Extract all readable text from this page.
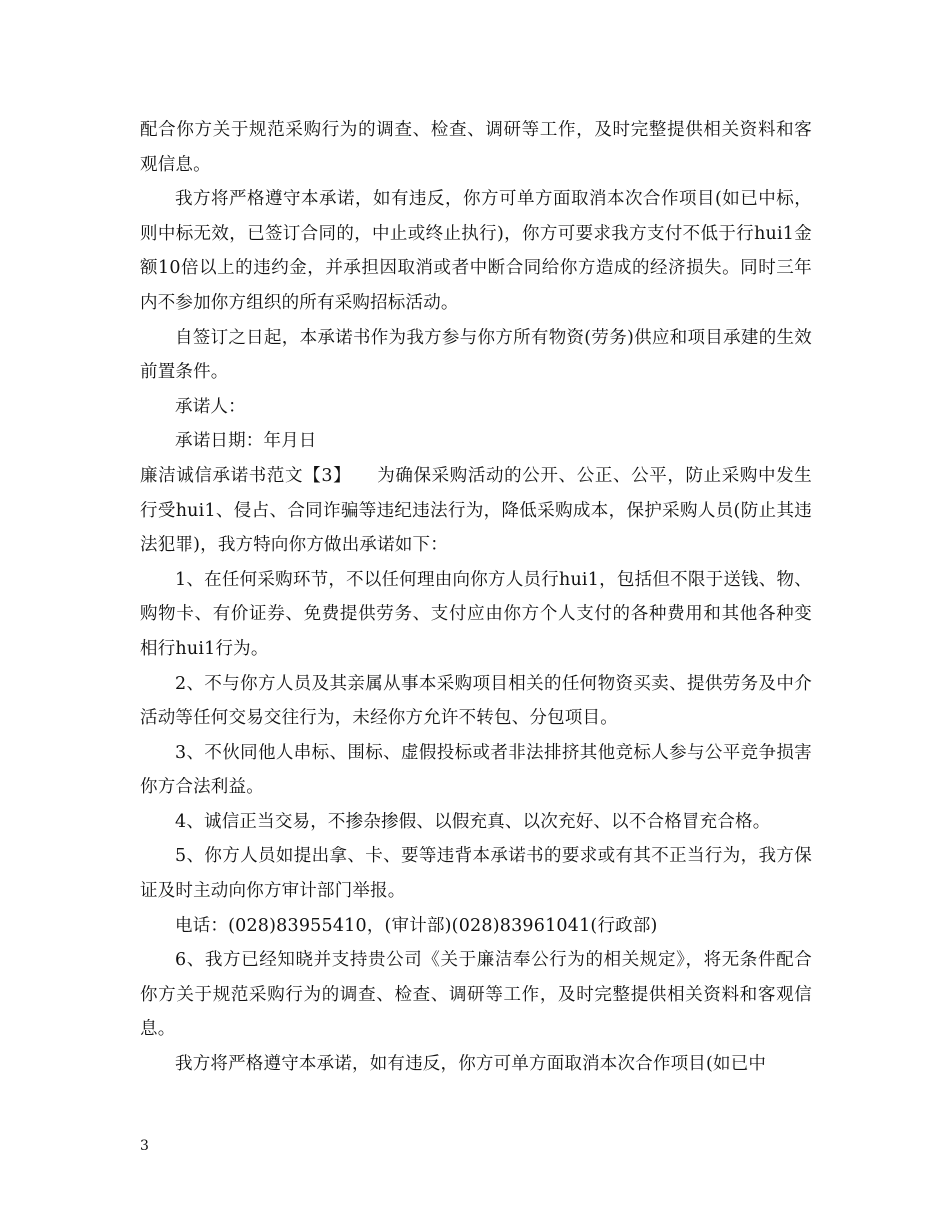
配合你方关于规范采购行为的调查、检查、调研等工作，及时完整提供相关资料和客观信息。

我方将严格遵守本承诺，如有违反，你方可单方面取消本次合作项目(如已中标，则中标无效，已签订合同的，中止或终止执行)，你方可要求我方支付不低于行hui1金额10倍以上的违约金，并承担因取消或者中断合同给你方造成的经济损失。同时三年内不参加你方组织的所有采购招标活动。

自签订之日起，本承诺书作为我方参与你方所有物资(劳务)供应和项目承建的生效前置条件。

承诺人：

承诺日期：年月日

廉洁诚信承诺书范文【3】 为确保采购活动的公开、公正、公平，防止采购中发生行受hui1、侵占、合同诈骗等违纪违法行为，降低采购成本，保护采购人员(防止其违法犯罪)，我方特向你方做出承诺如下：

1、在任何采购环节，不以任何理由向你方人员行hui1，包括但不限于送钱、物、购物卡、有价证券、免费提供劳务、支付应由你方个人支付的各种费用和其他各种变相行hui1行为。

2、不与你方人员及其亲属从事本采购项目相关的任何物资买卖、提供劳务及中介活动等任何交易交往行为，未经你方允许不转包、分包项目。

3、不伙同他人串标、围标、虚假投标或者非法排挤其他竞标人参与公平竞争损害你方合法利益。

4、诚信正当交易，不掺杂掺假、以假充真、以次充好、以不合格冒充合格。

5、你方人员如提出拿、卡、要等违背本承诺书的要求或有其不正当行为，我方保证及时主动向你方审计部门举报。

电话：(028)83955410，(审计部)(028)83961041(行政部)

6、我方已经知晓并支持贵公司《关于廉洁奉公行为的相关规定》，将无条件配合你方关于规范采购行为的调查、检查、调研等工作，及时完整提供相关资料和客观信息。

我方将严格遵守本承诺，如有违反，你方可单方面取消本次合作项目(如已中

3
